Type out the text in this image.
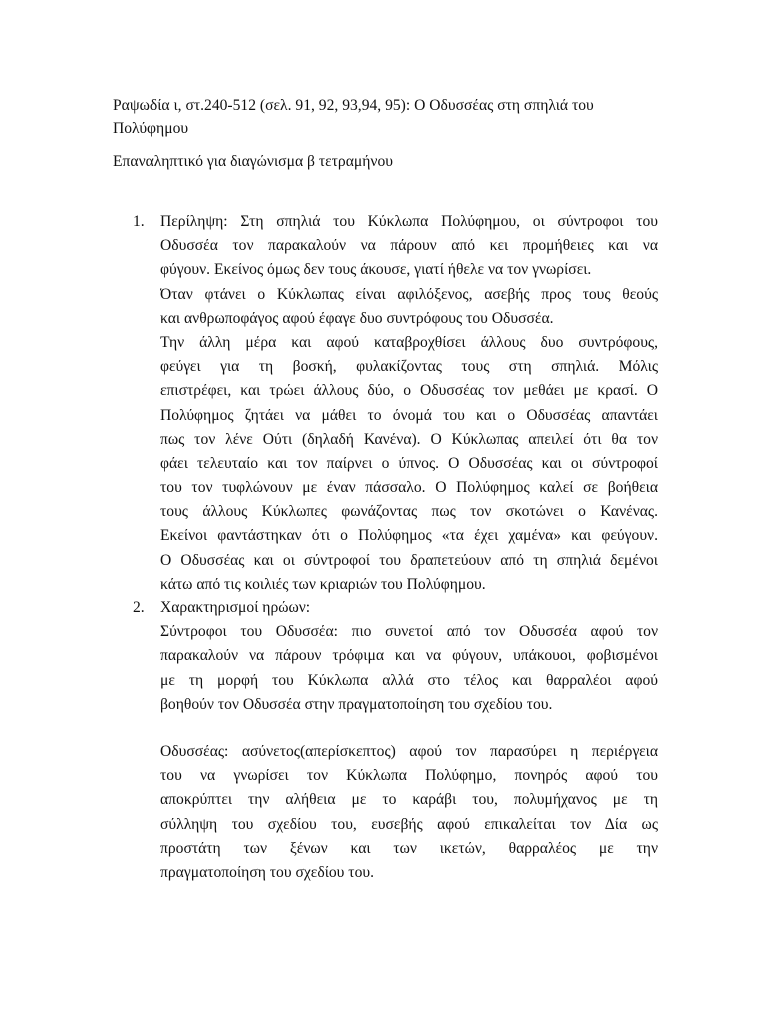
Ραψωδία ι, στ.240-512 (σελ. 91, 92, 93,94, 95): Ο Οδυσσέας στη σπηλιά του Πολύφημου
Επαναληπτικό για διαγώνισμα β τετραμήνου
1. Περίληψη: Στη σπηλιά του Κύκλωπα Πολύφημου, οι σύντροφοι του
Οδυσσέα τον παρακαλούν να πάρουν από κει προμήθειες και να
φύγουν. Εκείνος όμως δεν τους άκουσε, γιατί ήθελε να τον γνωρίσει.
Όταν φτάνει ο Κύκλωπας είναι αφιλόξενος, ασεβής προς τους θεούς
και ανθρωποφάγος αφού έφαγε δυο συντρόφους του Οδυσσέα.
Την άλλη μέρα και αφού καταβροχθίσει άλλους δυο συντρόφους,
φεύγει για τη βοσκή, φυλακίζοντας τους στη σπηλιά. Μόλις
επιστρέφει, και τρώει άλλους δύο, ο Οδυσσέας τον μεθάει με κρασί. Ο
Πολύφημος ζητάει να μάθει το όνομά του και ο Οδυσσέας απαντάει
πως τον λένε Ούτι (δηλαδή Κανένα). Ο Κύκλωπας απειλεί ότι θα τον
φάει τελευταίο και τον παίρνει ο ύπνος. Ο Οδυσσέας και οι σύντροφοί
του τον τυφλώνουν με έναν πάσσαλο. Ο Πολύφημος καλεί σε βοήθεια
τους άλλους Κύκλωπες φωνάζοντας πως τον σκοτώνει ο Κανένας.
Εκείνοι φαντάστηκαν ότι ο Πολύφημος «τα έχει χαμένα» και φεύγουν.
Ο Οδυσσέας και οι σύντροφοί του δραπετεύουν από τη σπηλιά δεμένοι
κάτω από τις κοιλιές των κριαριών του Πολύφημου.
2. Χαρακτηρισμοί ηρώων:
Σύντροφοι του Οδυσσέα: πιο συνετοί από τον Οδυσσέα αφού τον
παρακαλούν να πάρουν τρόφιμα και να φύγουν, υπάκουοι, φοβισμένοι
με τη μορφή του Κύκλωπα αλλά στο τέλος και θαρραλέοι αφού
βοηθούν τον Οδυσσέα στην πραγματοποίηση του σχεδίου του.
Οδυσσέας: ασύνετος(απερίσκεπτος) αφού τον παρασύρει η περιέργεια
του να γνωρίσει τον Κύκλωπα Πολύφημο, πονηρός αφού του
αποκρύπτει την αλήθεια με το καράβι του, πολυμήχανος με τη
σύλληψη του σχεδίου του, ευσεβής αφού επικαλείται τον Δία ως
προστάτη των ξένων και των ικετών, θαρραλέος με την
πραγματοποίηση του σχεδίου του.
